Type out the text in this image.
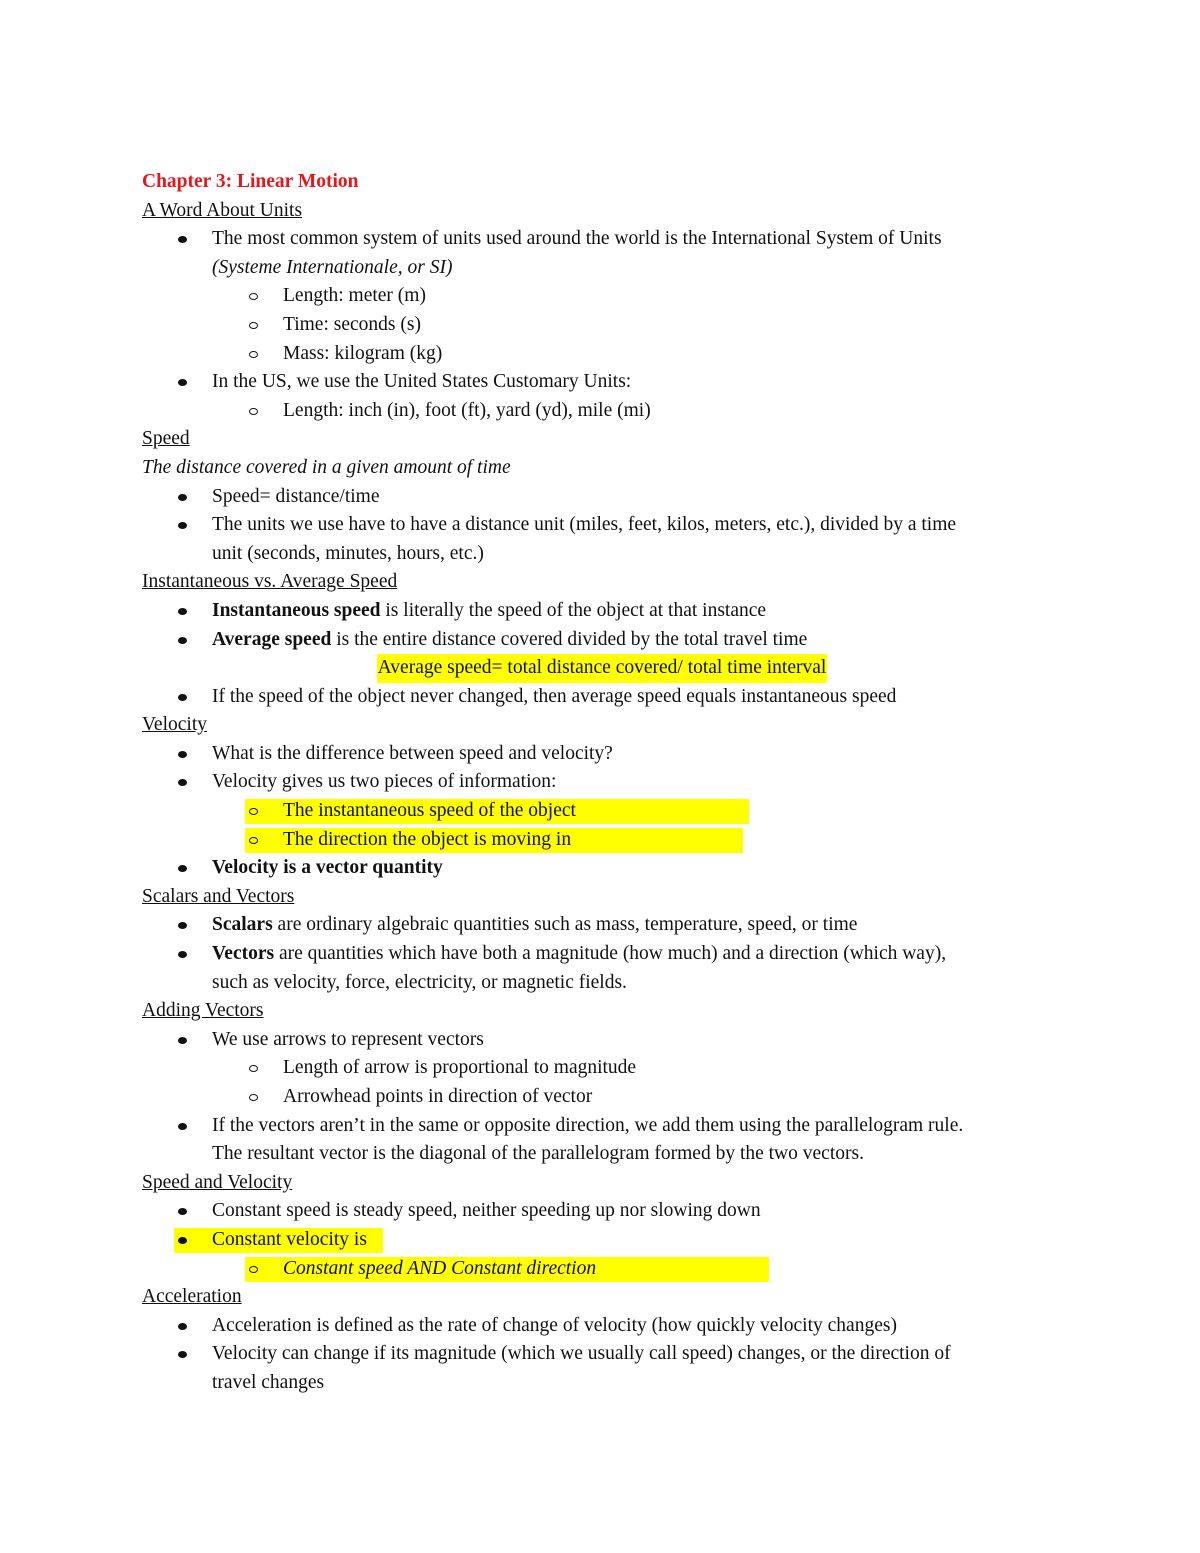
Chapter 3: Linear Motion
A Word About Units
The most common system of units used around the world is the International System of Units
(Systeme Internationale, or SI)
Length: meter (m)
Time: seconds (s)
Mass: kilogram (kg)
In the US, we use the United States Customary Units:
Length: inch (in), foot (ft), yard (yd), mile (mi)
Speed
The distance covered in a given amount of time
Speed= distance/time
The units we use have to have a distance unit (miles, feet, kilos, meters, etc.), divided by a time
unit (seconds, minutes, hours, etc.)
Instantaneous vs. Average Speed
Instantaneous speed is literally the speed of the object at that instance
Average speed is the entire distance covered divided by the total travel time
Average speed= total distance covered/ total time interval
If the speed of the object never changed, then average speed equals instantaneous speed
Velocity
What is the difference between speed and velocity?
Velocity gives us two pieces of information:
The instantaneous speed of the object
The direction the object is moving in
Velocity is a vector quantity
Scalars and Vectors
Scalars are ordinary algebraic quantities such as mass, temperature, speed, or time
Vectors are quantities which have both a magnitude (how much) and a direction (which way),
such as velocity, force, electricity, or magnetic fields.
Adding Vectors
We use arrows to represent vectors
Length of arrow is proportional to magnitude
Arrowhead points in direction of vector
If the vectors aren’t in the same or opposite direction, we add them using the parallelogram rule.
The resultant vector is the diagonal of the parallelogram formed by the two vectors.
Speed and Velocity
Constant speed is steady speed, neither speeding up nor slowing down
Constant velocity is
Constant speed AND Constant direction
Acceleration
Acceleration is defined as the rate of change of velocity (how quickly velocity changes)
Velocity can change if its magnitude (which we usually call speed) changes, or the direction of
travel changes
